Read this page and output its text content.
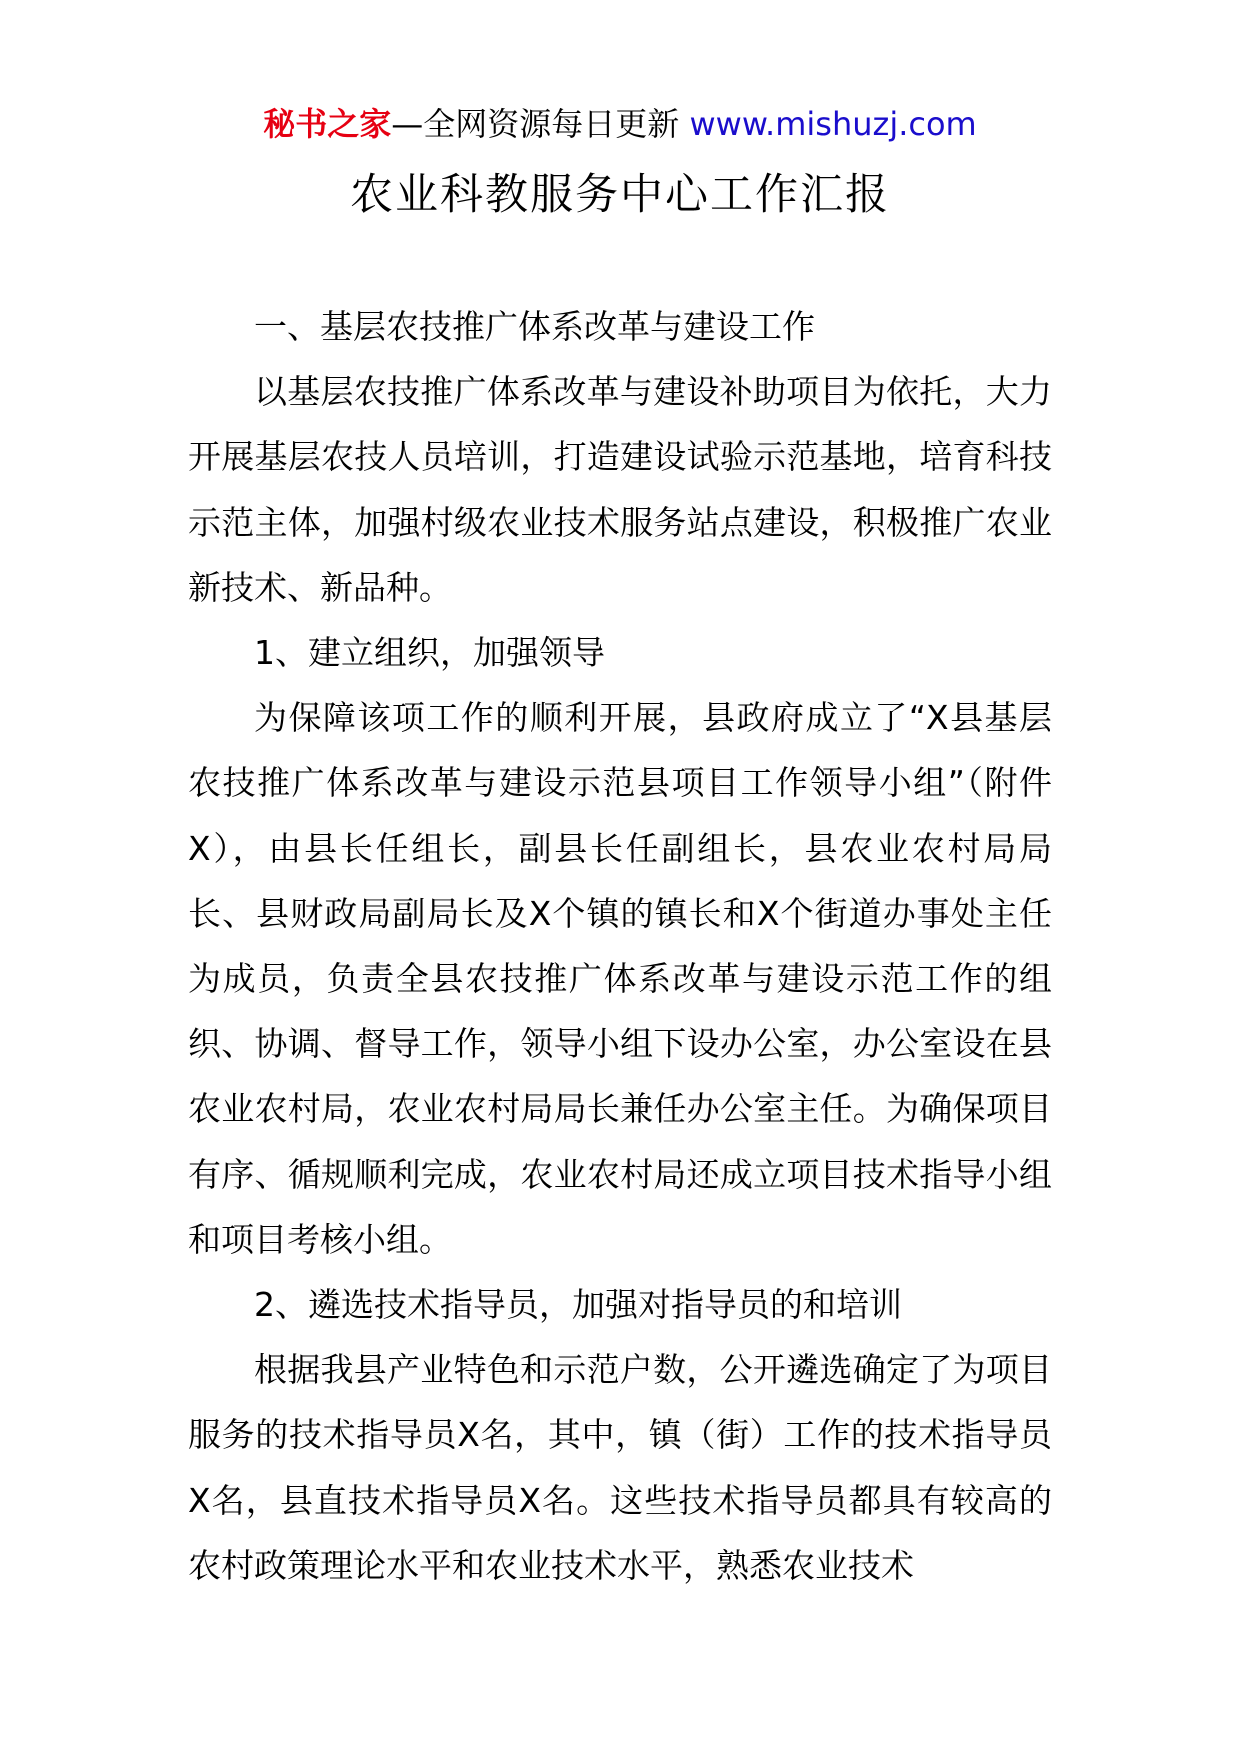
秘书之家—全网资源每日更新 www.mishuzj.com
农业科教服务中心工作汇报

一、基层农技推广体系改革与建设工作

以基层农技推广体系改革与建设补助项目为依托，大力开展基层农技人员培训，打造建设试验示范基地，培育科技示范主体，加强村级农业技术服务站点建设，积极推广农业新技术、新品种。

1、建立组织，加强领导

为保障该项工作的顺利开展，县政府成立了“X县基层农技推广体系改革与建设示范县项目工作领导小组”（附件X），由县长任组长，副县长任副组长，县农业农村局局长、县财政局副局长及X个镇的镇长和X个街道办事处主任为成员，负责全县农技推广体系改革与建设示范工作的组织、协调、督导工作，领导小组下设办公室，办公室设在县农业农村局，农业农村局局长兼任办公室主任。为确保项目有序、循规顺利完成，农业农村局还成立项目技术指导小组和项目考核小组。

2、遴选技术指导员，加强对指导员的和培训

根据我县产业特色和示范户数，公开遴选确定了为项目服务的技术指导员X名，其中，镇（街）工作的技术指导员X名，县直技术指导员X名。这些技术指导员都具有较高的农村政策理论水平和农业技术水平，熟悉农业技术
